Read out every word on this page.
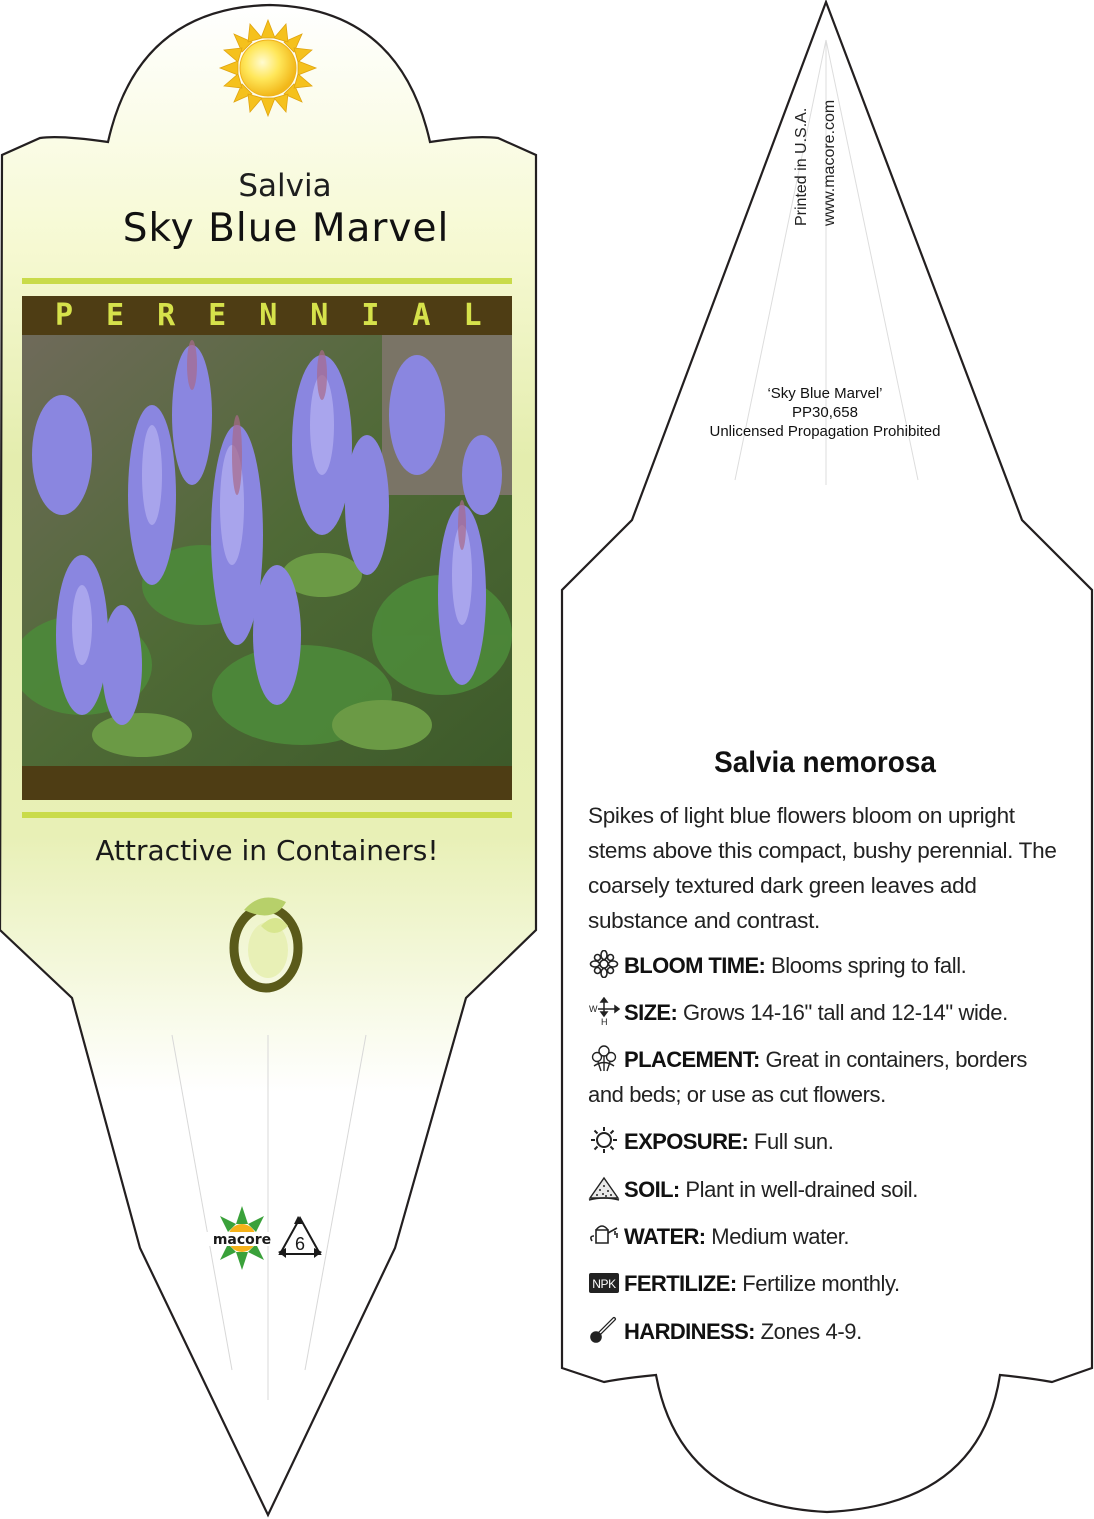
macore 6
Salvia
Sky Blue Marvel
PERENNIAL
Attractive in Containers!
Printed in U.S.A. www.macore.com
‘Sky Blue Marvel’
PP30,658
Unlicensed Propagation Prohibited
Salvia nemorosa
Spikes of light blue flowers bloom on upright stems above this compact, bushy perennial. The coarsely textured dark green leaves add substance and contrast.
BLOOM TIME: Blooms spring to fall.
W
H SIZE: Grows 14-16" tall and 12-14" wide.
PLACEMENT: Great in containers, borders and beds; or use as cut flowers.
EXPOSURE: Full sun.
SOIL: Plant in well-drained soil.
WATER: Medium water.
NPK FERTILIZE: Fertilize monthly.
HARDINESS: Zones 4-9.
